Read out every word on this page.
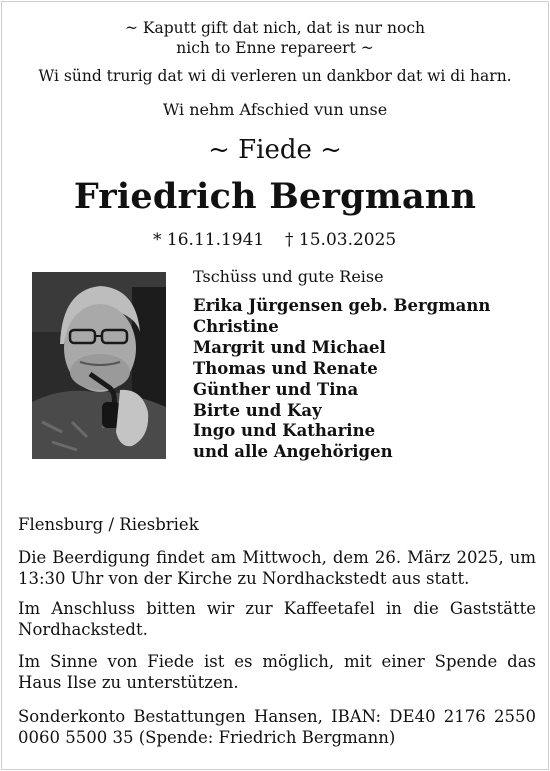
~ Kaputt gift dat nich, dat is nur noch
nich to Enne repareert ~
Wi sünd trurig dat wi di verleren un dankbor dat wi di harn.
Wi nehm Afschied vun unse
~ Fiede ~
Friedrich Bergmann
* 16.11.1941 † 15.03.2025
Tschüss und gute Reise
Erika Jürgensen geb. Bergmann
Christine
Margrit und Michael
Thomas und Renate
Günther und Tina
Birte und Kay
Ingo und Katharine
und alle Angehörigen

Flensburg / Riesbriek

Die Beerdigung findet am Mittwoch, dem 26. März 2025, um 13:30 Uhr von der Kirche zu Nordhackstedt aus statt.

Im Anschluss bitten wir zur Kaffeetafel in die Gaststätte Nordhackstedt.

Im Sinne von Fiede ist es möglich, mit einer Spende das Haus Ilse zu unterstützen.

Sonderkonto Bestattungen Hansen, IBAN: DE40 2176 2550 0060 5500 35 (Spende: Friedrich Bergmann)
